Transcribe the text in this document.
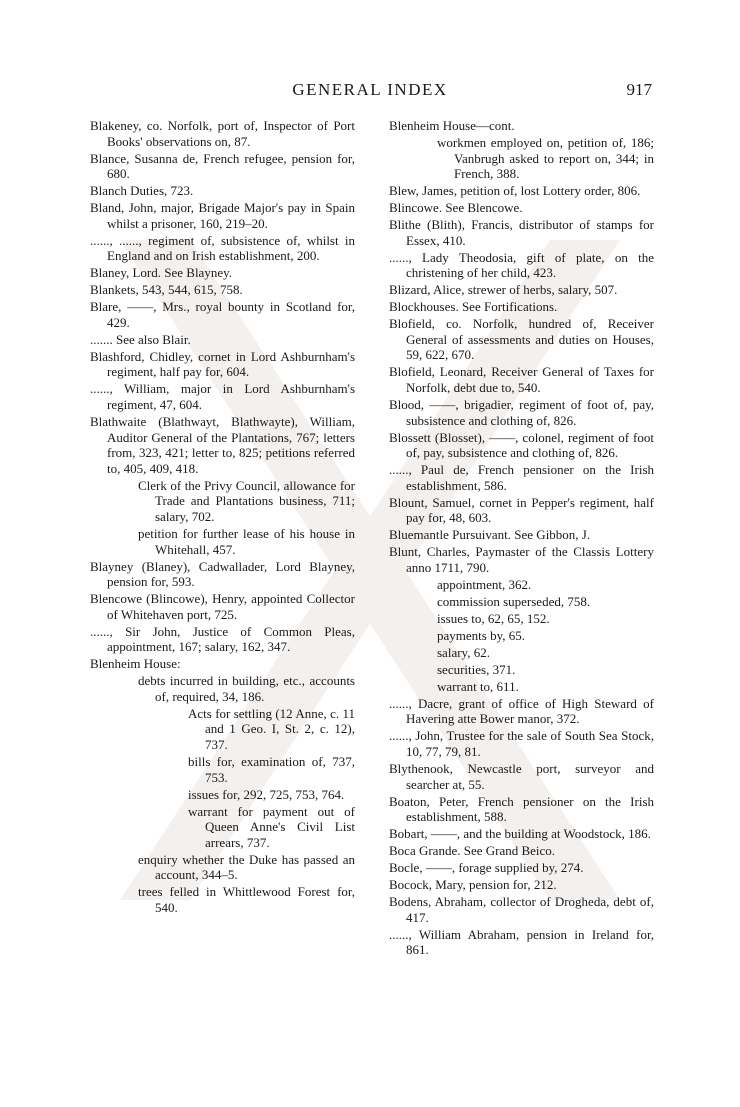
GENERAL INDEX	917

Blakeney, co. Norfolk, port of, Inspector of Port Books' observations on, 87.

Blance, Susanna de, French refugee, pension for, 680.

Blanch Duties, 723.

Bland, John, major, Brigade Major's pay in Spain whilst a prisoner, 160, 219–20.

......, ......, regiment of, subsistence of, whilst in England and on Irish establishment, 200.

Blaney, Lord. See Blayney.

Blankets, 543, 544, 615, 758.

Blare, ——, Mrs., royal bounty in Scotland for, 429.

....... See also Blair.

Blashford, Chidley, cornet in Lord Ashburnham's regiment, half pay for, 604.

......, William, major in Lord Ashburnham's regiment, 47, 604.

Blathwaite (Blathwayt, Blathwayte), William, Auditor General of the Plantations, 767; letters from, 323, 421; letter to, 825; petitions referred to, 405, 409, 418.

Clerk of the Privy Council, allowance for Trade and Plantations business, 711; salary, 702.

petition for further lease of his house in Whitehall, 457.

Blayney (Blaney), Cadwallader, Lord Blayney, pension for, 593.

Blencowe (Blincowe), Henry, appointed Collector of Whitehaven port, 725.

......, Sir John, Justice of Common Pleas, appointment, 167; salary, 162, 347.

Blenheim House:

debts incurred in building, etc., accounts of, required, 34, 186.

Acts for settling (12 Anne, c. 11 and 1 Geo. I, St. 2, c. 12), 737.

bills for, examination of, 737, 753.

issues for, 292, 725, 753, 764.

warrant for payment out of Queen Anne's Civil List arrears, 737.

enquiry whether the Duke has passed an account, 344–5.

trees felled in Whittlewood Forest for, 540.

Blenheim House—cont.

workmen employed on, petition of, 186; Vanbrugh asked to report on, 344; in French, 388.

Blew, James, petition of, lost Lottery order, 806.

Blincowe. See Blencowe.

Blithe (Blith), Francis, distributor of stamps for Essex, 410.

......, Lady Theodosia, gift of plate, on the christening of her child, 423.

Blizard, Alice, strewer of herbs, salary, 507.

Blockhouses. See Fortifications.

Blofield, co. Norfolk, hundred of, Receiver General of assessments and duties on Houses, 59, 622, 670.

Blofield, Leonard, Receiver General of Taxes for Norfolk, debt due to, 540.

Blood, ——, brigadier, regiment of foot of, pay, subsistence and clothing of, 826.

Blossett (Blosset), ——, colonel, regiment of foot of, pay, subsistence and clothing of, 826.

......, Paul de, French pensioner on the Irish establishment, 586.

Blount, Samuel, cornet in Pepper's regiment, half pay for, 48, 603.

Bluemantle Pursuivant. See Gibbon, J.

Blunt, Charles, Paymaster of the Classis Lottery anno 1711, 790.

appointment, 362.

commission superseded, 758.

issues to, 62, 65, 152.

payments by, 65.

salary, 62.

securities, 371.

warrant to, 611.

......, Dacre, grant of office of High Steward of Havering atte Bower manor, 372.

......, John, Trustee for the sale of South Sea Stock, 10, 77, 79, 81.

Blythenook, Newcastle port, surveyor and searcher at, 55.

Boaton, Peter, French pensioner on the Irish establishment, 588.

Bobart, ——, and the building at Woodstock, 186.

Boca Grande. See Grand Beico.

Bocle, ——, forage supplied by, 274.

Bocock, Mary, pension for, 212.

Bodens, Abraham, collector of Drogheda, debt of, 417.

......, William Abraham, pension in Ireland for, 861.
